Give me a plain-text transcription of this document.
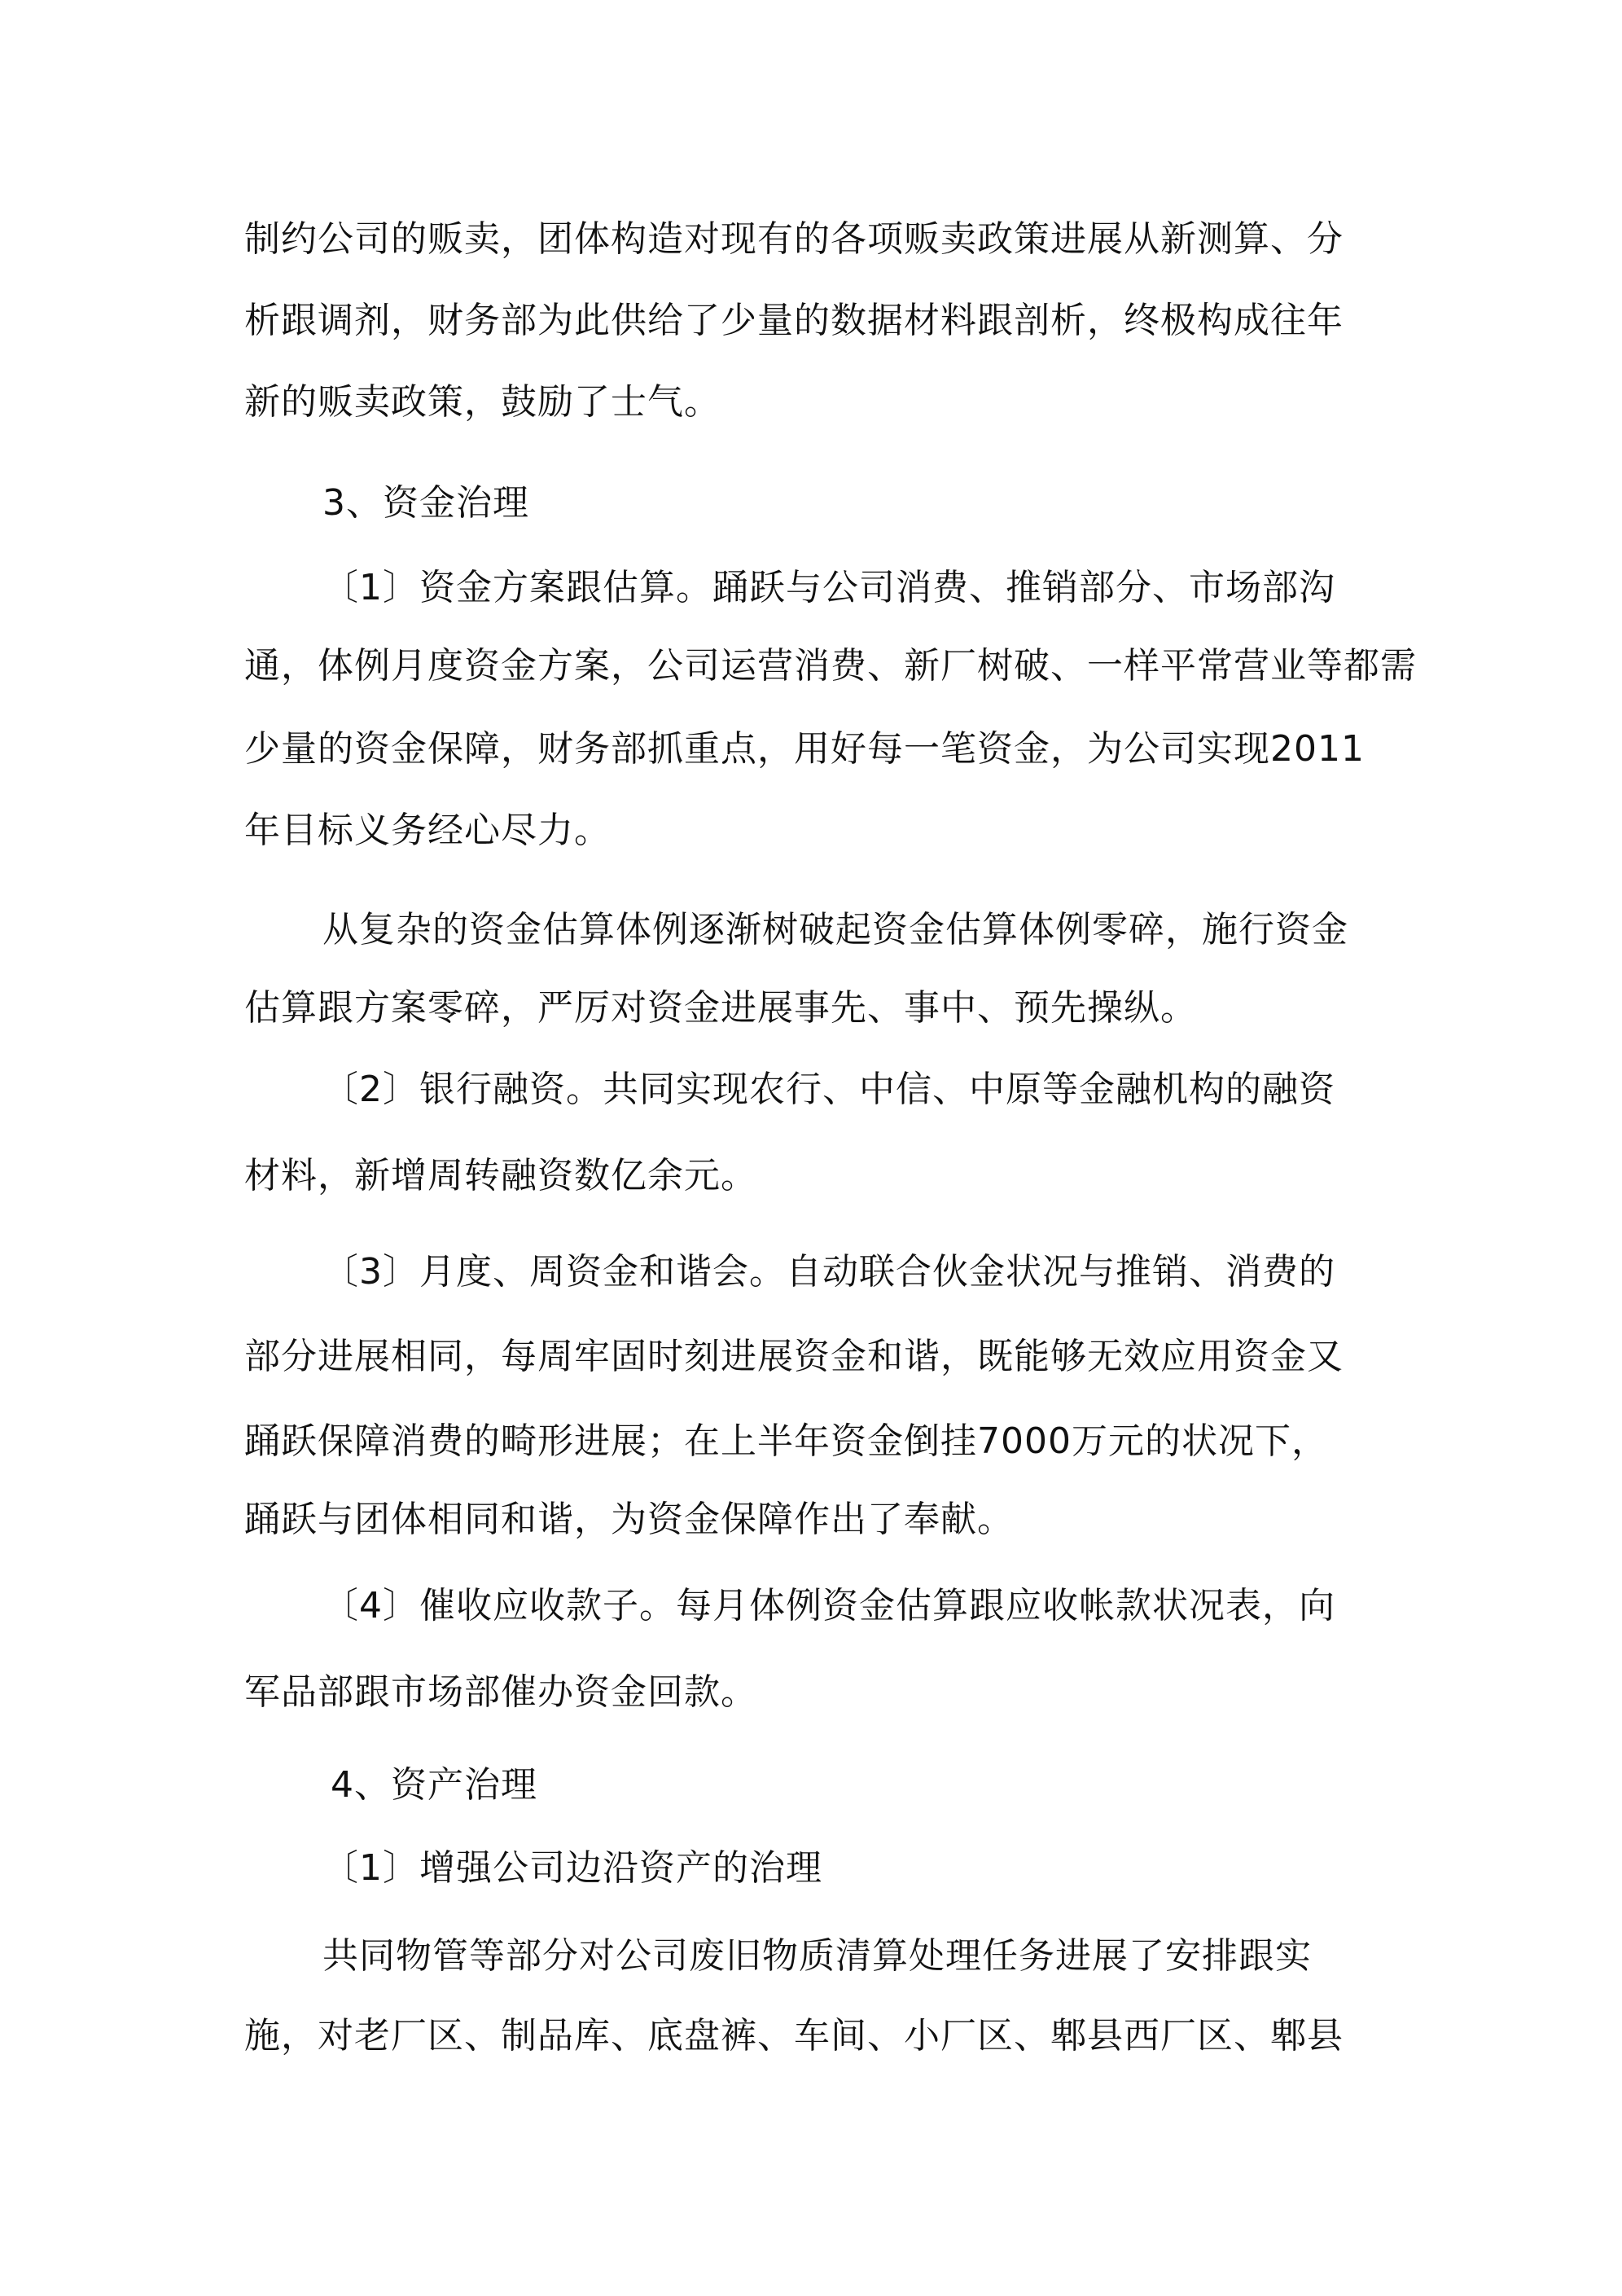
制约公司的贩卖，团体构造对现有的各项贩卖政策进展从新测算、分
析跟调剂，财务部为此供给了少量的数据材料跟剖析，终极构成往年
新的贩卖政策，鼓励了士气。
3、资金治理
〔1〕资金方案跟估算。踊跃与公司消费、推销部分、市场部沟
通，体例月度资金方案，公司运营消费、新厂树破、一样平常营业等都需
少量的资金保障，财务部抓重点，用好每一笔资金，为公司实现2011
年目标义务经心尽力。
从复杂的资金估算体例逐渐树破起资金估算体例零碎，施行资金
估算跟方案零碎，严厉对资金进展事先、事中、预先操纵。
〔2〕银行融资。共同实现农行、中信、中原等金融机构的融资
材料，新增周转融资数亿余元。
〔3〕月度、周资金和谐会。自动联合伙金状况与推销、消费的
部分进展相同，每周牢固时刻进展资金和谐，既能够无效应用资金又
踊跃保障消费的畸形进展；在上半年资金倒挂7000万元的状况下，
踊跃与团体相同和谐，为资金保障作出了奉献。
〔4〕催收应收款子。每月体例资金估算跟应收帐款状况表，向
军品部跟市场部催办资金回款。
4、资产治理
〔1〕增强公司边沿资产的治理
共同物管等部分对公司废旧物质清算处理任务进展了安排跟实
施，对老厂区、制品库、底盘裤、车间、小厂区、郫县西厂区、郫县
